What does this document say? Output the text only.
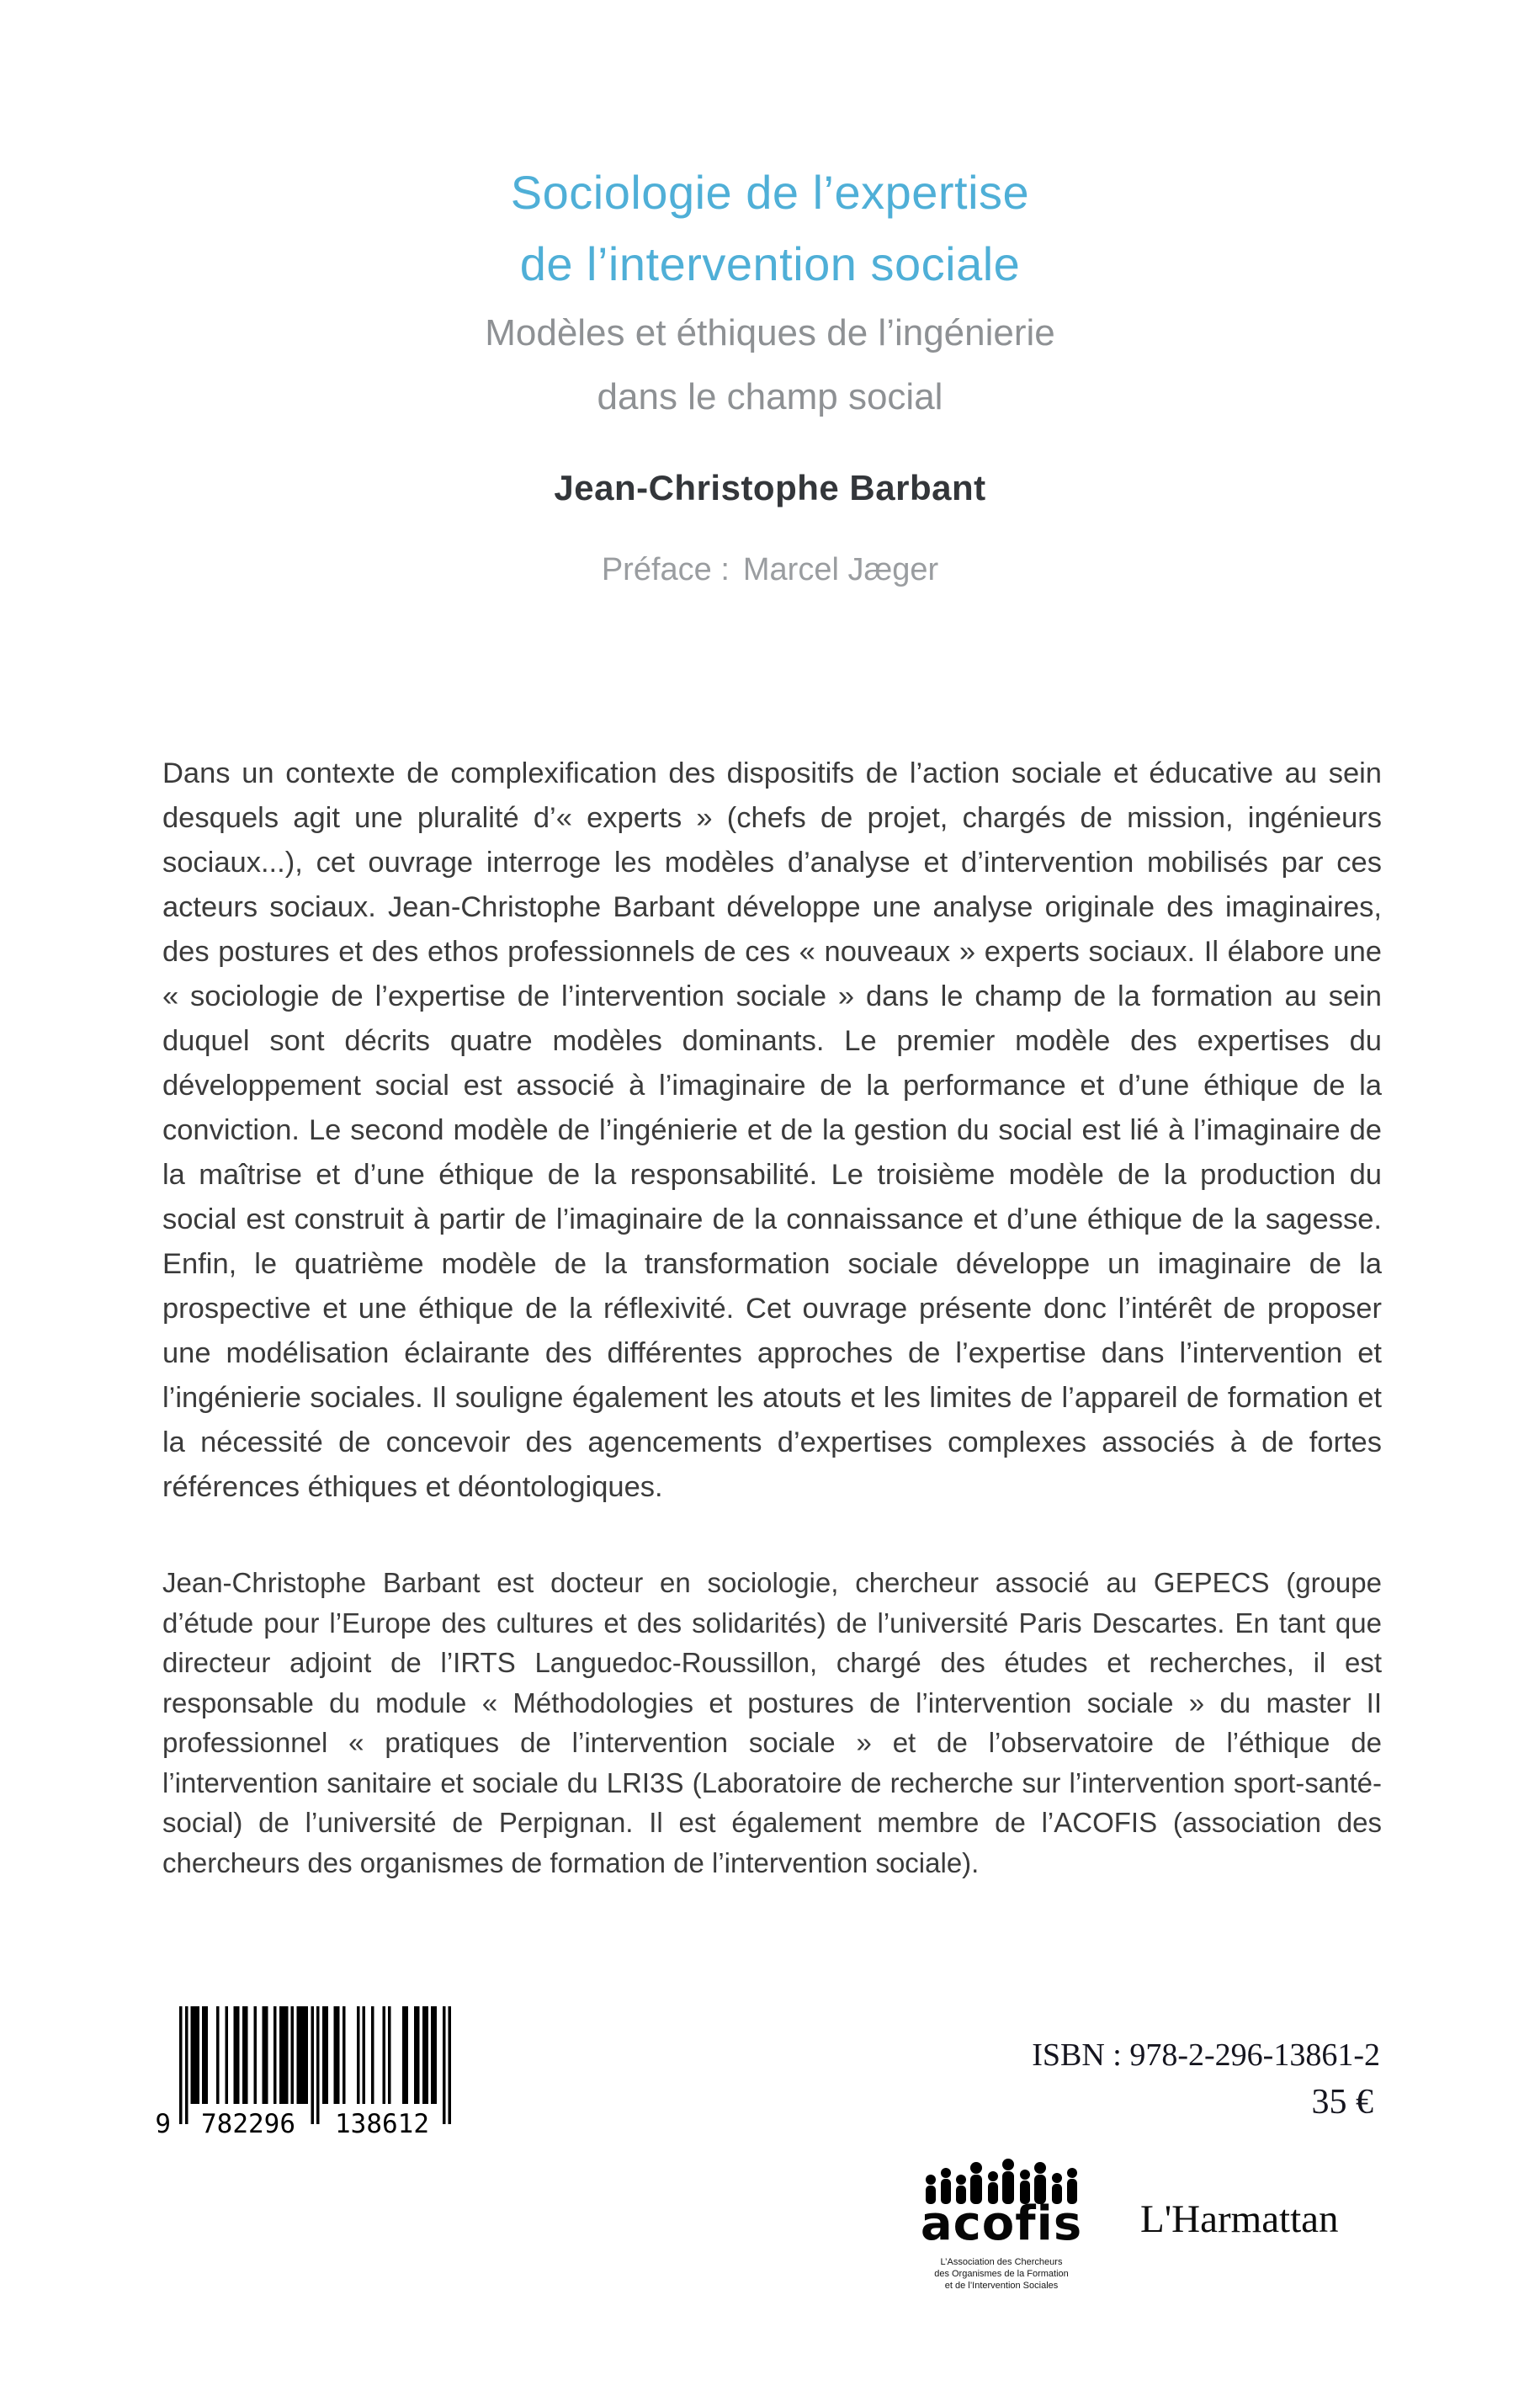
Sociologie de l’expertise
de l’intervention sociale
Modèles et éthiques de l’ingénierie
dans le champ social
Jean-Christophe Barbant
Préface : Marcel Jæger

Dans un contexte de complexification des dispositifs de l’action sociale et éducative au sein desquels agit une pluralité d’« experts » (chefs de projet, chargés de mission, ingénieurs sociaux...), cet ouvrage interroge les modèles d’analyse et d’intervention mobilisés par ces acteurs sociaux. Jean-Christophe Barbant développe une analyse originale des imaginaires, des postures et des ethos professionnels de ces « nouveaux » experts sociaux. Il élabore une « sociologie de l’expertise de l’intervention sociale » dans le champ de la formation au sein duquel sont décrits quatre modèles dominants. Le premier modèle des expertises du développement social est associé à l’imaginaire de la performance et d’une éthique de la conviction. Le second modèle de l’ingénierie et de la gestion du social est lié à l’imaginaire de la maîtrise et d’une éthique de la responsabilité. Le troisième modèle de la production du social est construit à partir de l’imaginaire de la connaissance et d’une éthique de la sagesse. Enfin, le quatrième modèle de la transformation sociale développe un imaginaire de la prospective et une éthique de la réflexivité. Cet ouvrage présente donc l’intérêt de proposer une modélisation éclairante des différentes approches de l’expertise dans l’intervention et l’ingénierie sociales. Il souligne également les atouts et les limites de l’appareil de formation et la nécessité de concevoir des agencements d’expertises complexes associés à de fortes références éthiques et déontologiques.

Jean-Christophe Barbant est docteur en sociologie, chercheur associé au GEPECS (groupe d’étude pour l’Europe des cultures et des solidarités) de l’université Paris Descartes. En tant que directeur adjoint de l’IRTS Languedoc-Roussillon, chargé des études et recherches, il est responsable du module « Méthodologies et postures de l’intervention sociale » du master II professionnel « pratiques de l’intervention sociale » et de l’observatoire de l’éthique de l’intervention sanitaire et sociale du LRI3S (Laboratoire de recherche sur l’intervention sport-santé-social) de l’université de Perpignan. Il est également membre de l’ACOFIS (association des chercheurs des organismes de formation de l’intervention sociale).

9 782296 138612
ISBN : 978-2-296-13861-2
35 €
acofis
L’Association des Chercheurs
des Organismes de la Formation
et de l’Intervention Sociales
L'Harmattan
